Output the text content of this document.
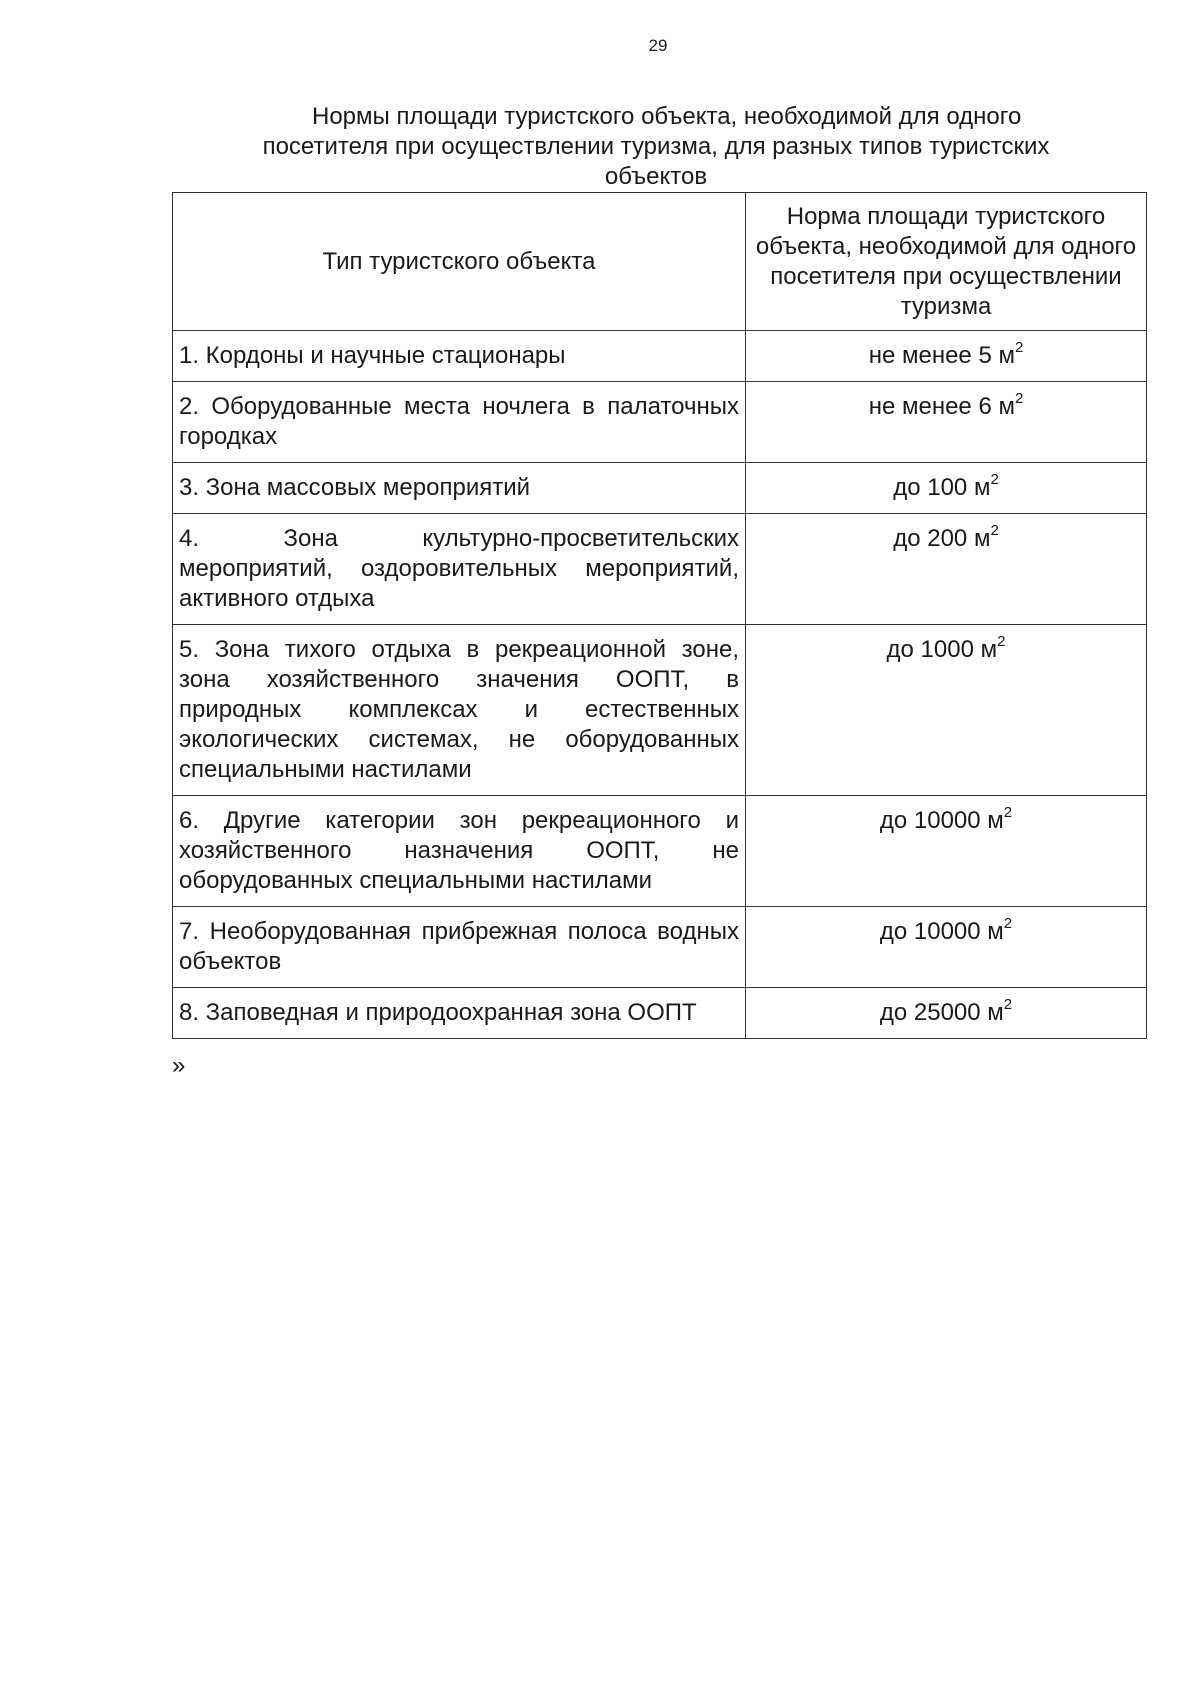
29
Нормы площади туристского объекта, необходимой для одного
посетителя при осуществлении туризма, для разных типов туристских
объектов
Тип туристского объекта	Норма площади туристского объекта, необходимой для одного посетителя при осуществлении туризма
1. Кордоны и научные стационары	не менее 5 $м^2$
2. Оборудованные места ночлега в палаточных городках	не менее 6 $м^2$
3. Зона массовых мероприятий	до 100 $м^2$
4. Зона культурно-просветительских мероприятий, оздоровительных мероприятий, активного отдыха	до 200 $м^2$
5. Зона тихого отдыха в рекреационной зоне, зона хозяйственного значения ООПТ, в природных комплексах и естественных экологических системах, не оборудованных специальными настилами	до 1000 $м^2$
6. Другие категории зон рекреационного и хозяйственного назначения ООПТ, не оборудованных специальными настилами	до 10000 $м^2$
7. Необорудованная прибрежная полоса водных объектов	до 10000 $м^2$
8. Заповедная и природоохранная зона ООПТ	до 25000 $м^2$
»
